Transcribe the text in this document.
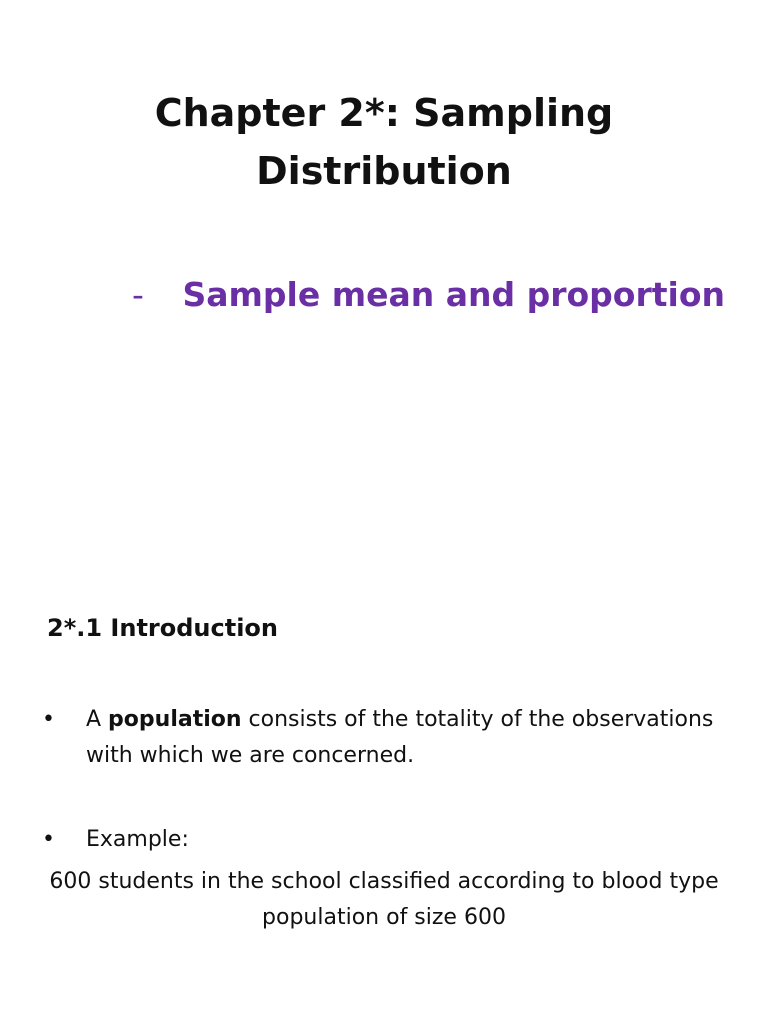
Chapter 2*: Sampling
Distribution
- Sample mean and proportion
2*.1 Introduction
•	A population consists of the totality of the observations with which we are concerned.
•	Example:
600 students in the school classified according to blood type population of size 600
